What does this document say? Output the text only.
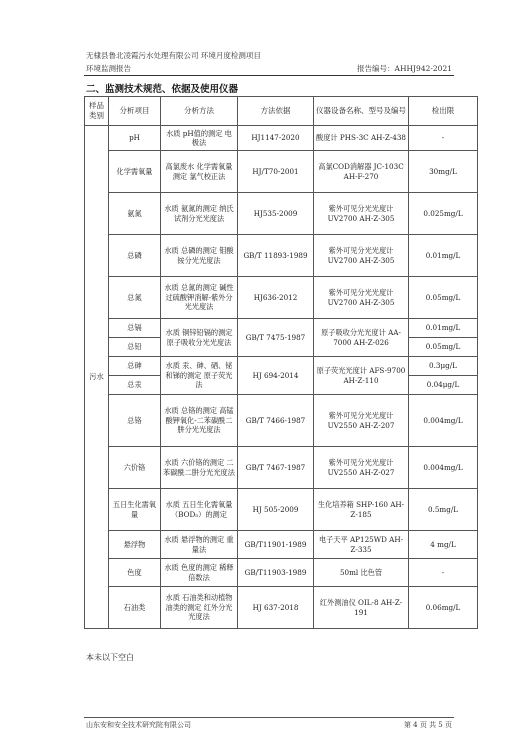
无棣县鲁北凌霞污水处理有限公司 环境月度检测项目
环境监测报告	报告编号：AHHJ942-2021
二、监测技术规范、依据及使用仪器
样品类别	分析项目	分析方法	方法依据	仪器设备名称、型号及编号	检出限
污水	pH	水质 pH值的测定 电极法	HJ1147-2020	酸度计 PHS-3C AH-Z-438	-
	化学需氧量	高氯废水 化学需氧量测定 氯气校正法	HJ/T70-2001	高氯COD消解器 JC-103C AH-F-270	30mg/L
	氨氮	水质 氨氮的测定 纳氏试剂分光光度法	HJ535-2009	紫外可见分光光度计 UV2700 AH-Z-305	0.025mg/L
	总磷	水质 总磷的测定 钼酸铵分光光度法	GB/T 11893-1989	紫外可见分光光度计 UV2700 AH-Z-305	0.01mg/L
	总氮	水质 总氮的测定 碱性过硫酸钾消解-紫外分光光度法	HJ636-2012	紫外可见分光光度计 UV2700 AH-Z-305	0.05mg/L
	总镉	水质 铜锌铅镉的测定 原子吸收分光光度法	GB/T 7475-1987	原子吸收分光光度计 AA-7000 AH-Z-026	0.01mg/L
	总铅				0.05mg/L
	总砷	水质 汞、砷、硒、铋和锑的测定 原子荧光法	HJ 694-2014	原子荧光光度计 AFS-9700 AH-Z-110	0.3μg/L
	总汞				0.04μg/L
	总铬	水质 总铬的测定 高锰酸钾氧化-二苯碳酰二肼分光光度法	GB/T 7466-1987	紫外可见分光光度计 UV2550 AH-Z-207	0.004mg/L
	六价铬	水质 六价铬的测定 二苯碳酰二肼分光光度法	GB/T 7467-1987	紫外可见分光光度计 UV2550 AH-Z-027	0.004mg/L
	五日生化需氧量	水质 五日生化需氧量（BOD₅）的测定	HJ 505-2009	生化培养箱 SHP-160 AH-Z-185	0.5mg/L
	悬浮物	水质 悬浮物的测定 重量法	GB/T11901-1989	电子天平 AP125WD AH-Z-335	4 mg/L
	色度	水质 色度的测定 稀释倍数法	GB/T11903-1989	50ml 比色管	-
	石油类	水质 石油类和动植物油类的测定 红外分光光度法	HJ 637-2018	红外测油仪 OIL-8 AH-Z-191	0.06mg/L
本未以下空白
山东安和安全技术研究院有限公司	第 4 页 共 5 页
